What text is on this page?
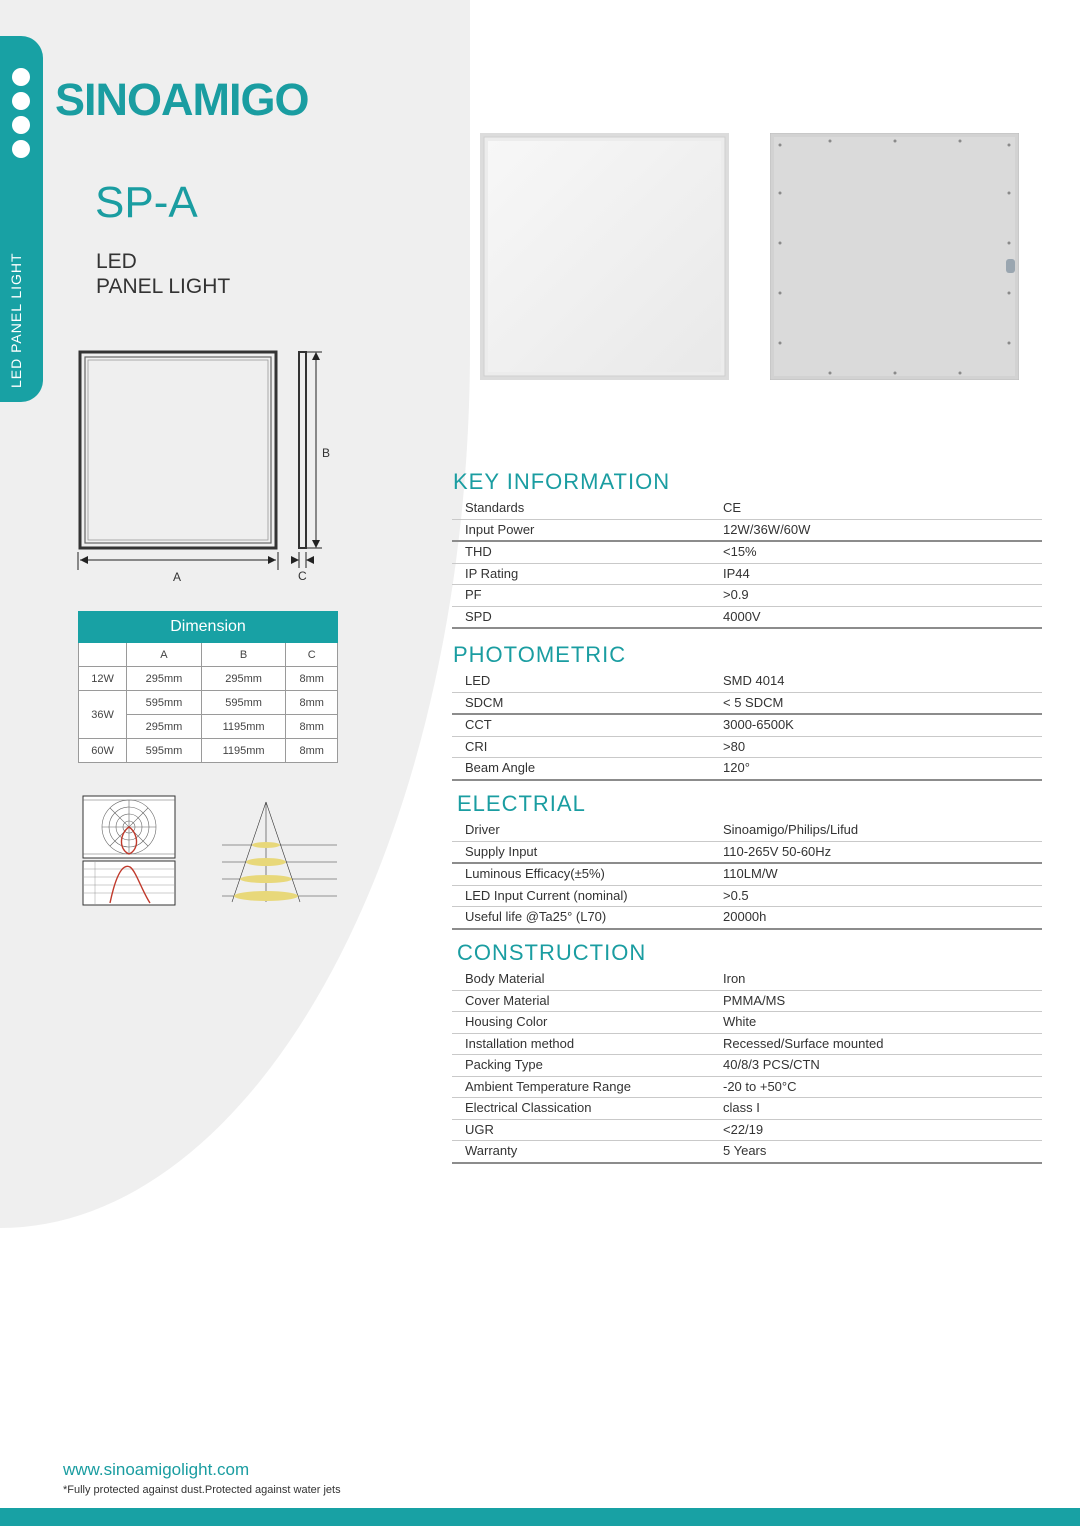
LED PANEL LIGHT
SINOAMIGO
SP-A
LED
PANEL LIGHT
A
B
C
Dimension			
	A	B	C
12W	295mm	295mm	8mm
36W	595mm	595mm	8mm
	295mm	1195mm	8mm
60W	595mm	1195mm	8mm
KEY INFORMATION
Standards	CE
Input Power	12W/36W/60W
THD	<15%
IP Rating	IP44
PF	>0.9
SPD	4000V
PHOTOMETRIC
LED	SMD 4014
SDCM	< 5 SDCM
CCT	3000-6500K
CRI	>80
Beam Angle	120°
ELECTRIAL
Driver	Sinoamigo/Philips/Lifud
Supply Input	110-265V 50-60Hz
Luminous Efficacy(±5%)	110LM/W
LED Input Current (nominal)	>0.5
Useful life @Ta25° (L70)	20000h
CONSTRUCTION
Body Material	Iron
Cover Material	PMMA/MS
Housing Color	White
Installation method	Recessed/Surface mounted
Packing Type	40/8/3 PCS/CTN
Ambient Temperature Range	-20 to +50°C
Electrical Classication	class I
UGR	<22/19
Warranty	5 Years
www.sinoamigolight.com
*Fully protected against dust.Protected against water jets
